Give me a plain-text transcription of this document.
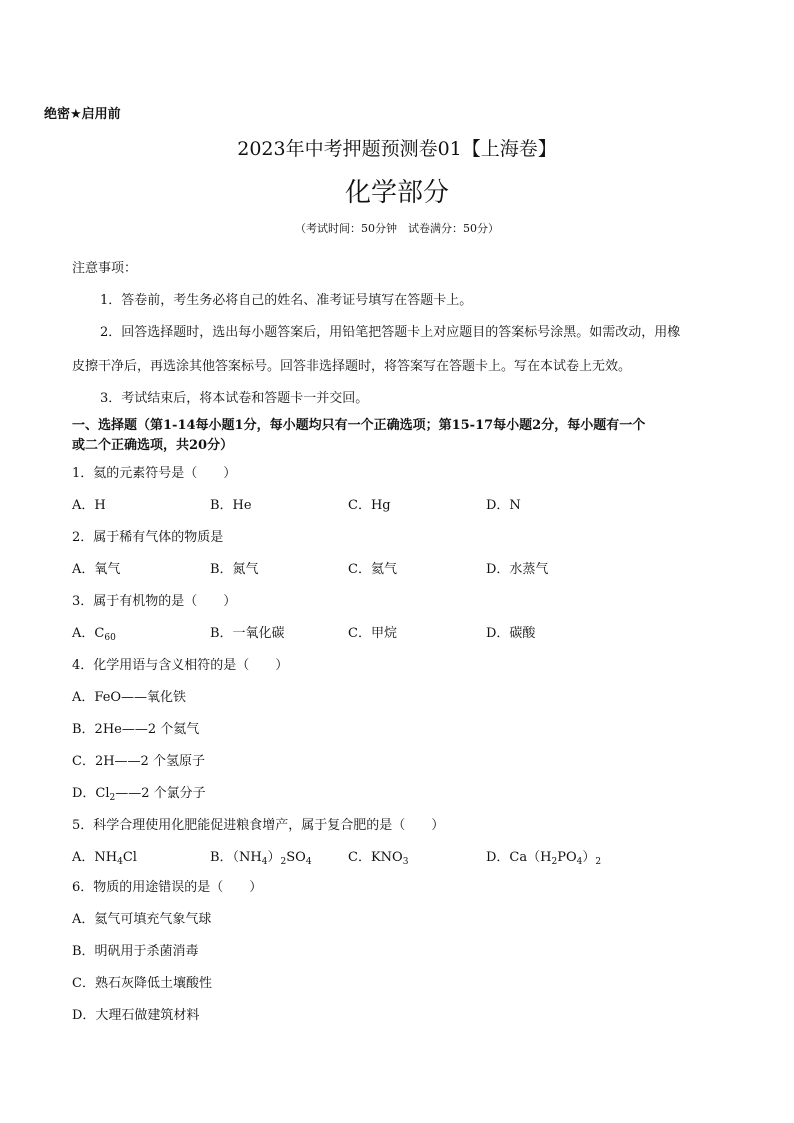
绝密★启用前
2023年中考押题预测卷01【上海卷】
化学部分
（考试时间：50分钟　试卷满分：50分）
注意事项：
1．答卷前，考生务必将自己的姓名、准考证号填写在答题卡上。
2．回答选择题时，选出每小题答案后，用铅笔把答题卡上对应题目的答案标号涂黑。如需改动，用橡
皮擦干净后，再选涂其他答案标号。回答非选择题时，将答案写在答题卡上。写在本试卷上无效。
3．考试结束后，将本试卷和答题卡一并交回。
一、选择题（第1-14每小题1分，每小题均只有一个正确选项；第15-17每小题2分，每小题有一个
或二个正确选项，共20分）
1．氦的元素符号是（　　）
A．H	B．He	C．Hg	D．N
2．属于稀有气体的物质是
A．氧气	B．氮气	C．氦气	D．水蒸气
3．属于有机物的是（　　）
A．$C_{60}$	B．一氧化碳	C．甲烷	D．碳酸
4．化学用语与含义相符的是（　　）
A．FeO——氧化铁
B．2He——2 个氦气
C．2H——2 个氢原子
D．$Cl_2——2$ 个氯分子
5．科学合理使用化肥能促进粮食增产，属于复合肥的是（　　）
A．$NH_4Cl$	B．$(NH_4)_2SO_4$	C．$KNO_3$	D．$Ca(H_2PO_4)_2$
6．物质的用途错误的是（　　）
A．氦气可填充气象气球
B．明矾用于杀菌消毒
C．熟石灰降低土壤酸性
D．大理石做建筑材料
